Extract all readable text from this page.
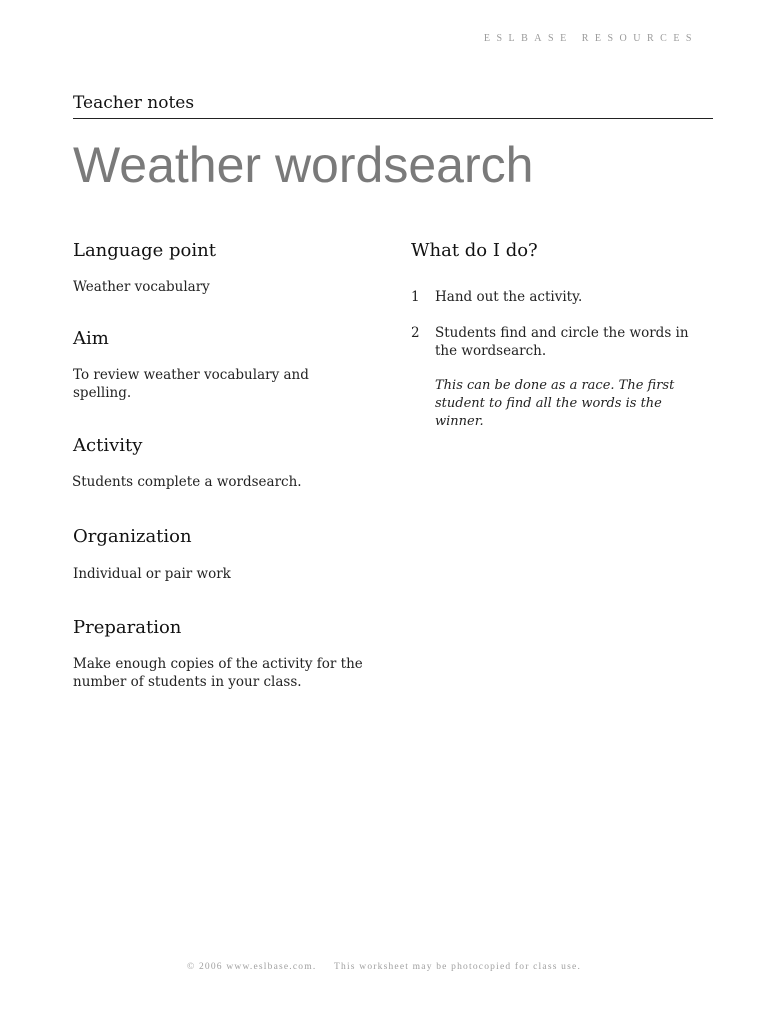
ESLBASE RESOURCES
Teacher notes
Weather wordsearch
Language point

Weather vocabulary

Aim

To review weather vocabulary and spelling.

Activity

Students complete a wordsearch.

Organization

Individual or pair work

Preparation

Make enough copies of the activity for the number of students in your class.

What do I do?
1	Hand out the activity.
2	Students find and circle the words in the wordsearch.

This can be done as a race. The first student to find all the words is the winner.

© 2006 www.eslbase.com. This worksheet may be photocopied for class use.
